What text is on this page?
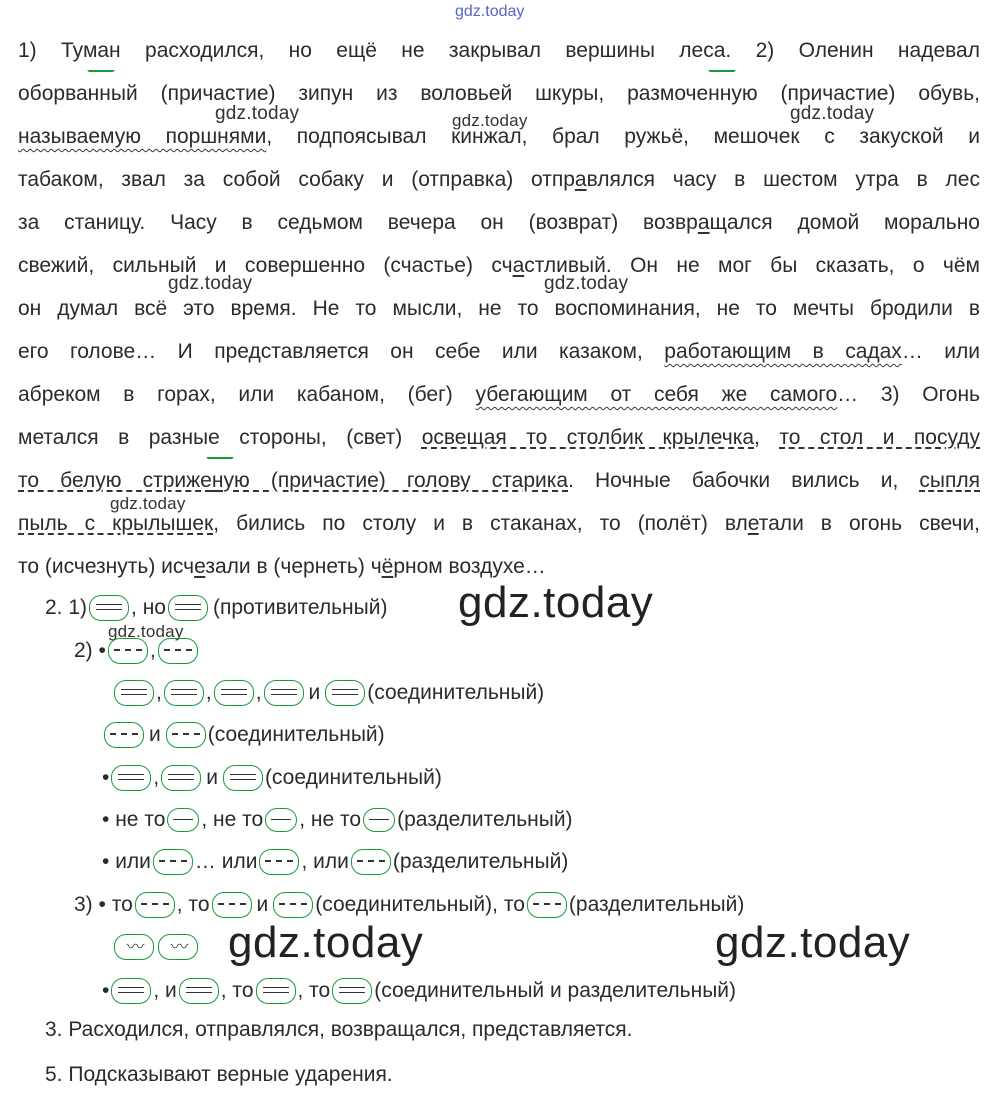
gdz.today
1) Туман расходился, но ещё не закрывал вершины леса. 2) Оленин надевал
оборванный (причастие) зипун из воловьей шкуры, размоченную (причастие) обувь,
называемую поршнями, подпоясывал кинжал, брал ружьё, мешочек с закуской и
табаком, звал за собой собаку и (отправка) отправлялся часу в шестом утра в лес
за станицу. Часу в седьмом вечера он (возврат) возвращался домой морально
свежий, сильный и совершенно (счастье) счастливый. Он не мог бы сказать, о чём
он думал всё это время. Не то мысли, не то воспоминания, не то мечты бродили в
его голове… И представляется он себе или казаком, работающим в садах… или
абреком в горах, или кабаном, (бег) убегающим от себя же самого… 3) Огонь
метался в разные стороны, (свет) освещая то столбик крылечка, то стол и посуду
то белую стриженую (причастие) голову старика. Ночные бабочки вились и, сыпля
пыль с крылышек, бились по столу и в стаканах, то (полёт) влетали в огонь свечи,
то (исчезнуть) исчезали в (чернеть) чёрном воздухе…
gdz.today	gdz.today	gdz.today
gdz.today	gdz.today
gdz.today
gdz.today
2. 1) , но (противительный)
2) • ,
, , , и (соединительный)
и (соединительный)
• , и (соединительный)
•
не то , не то , не то (разделительный)
•
или … или , или (разделительный)
3) •
то , то и (соединительный), то (разделительный)
〰
〰
• , и , то , то (соединительный и разделительный)
3. Расходился, отправлялся, возвращался, представляется.
5. Подсказывают верные ударения.
gdz.today
gdz.today	gdz.today
